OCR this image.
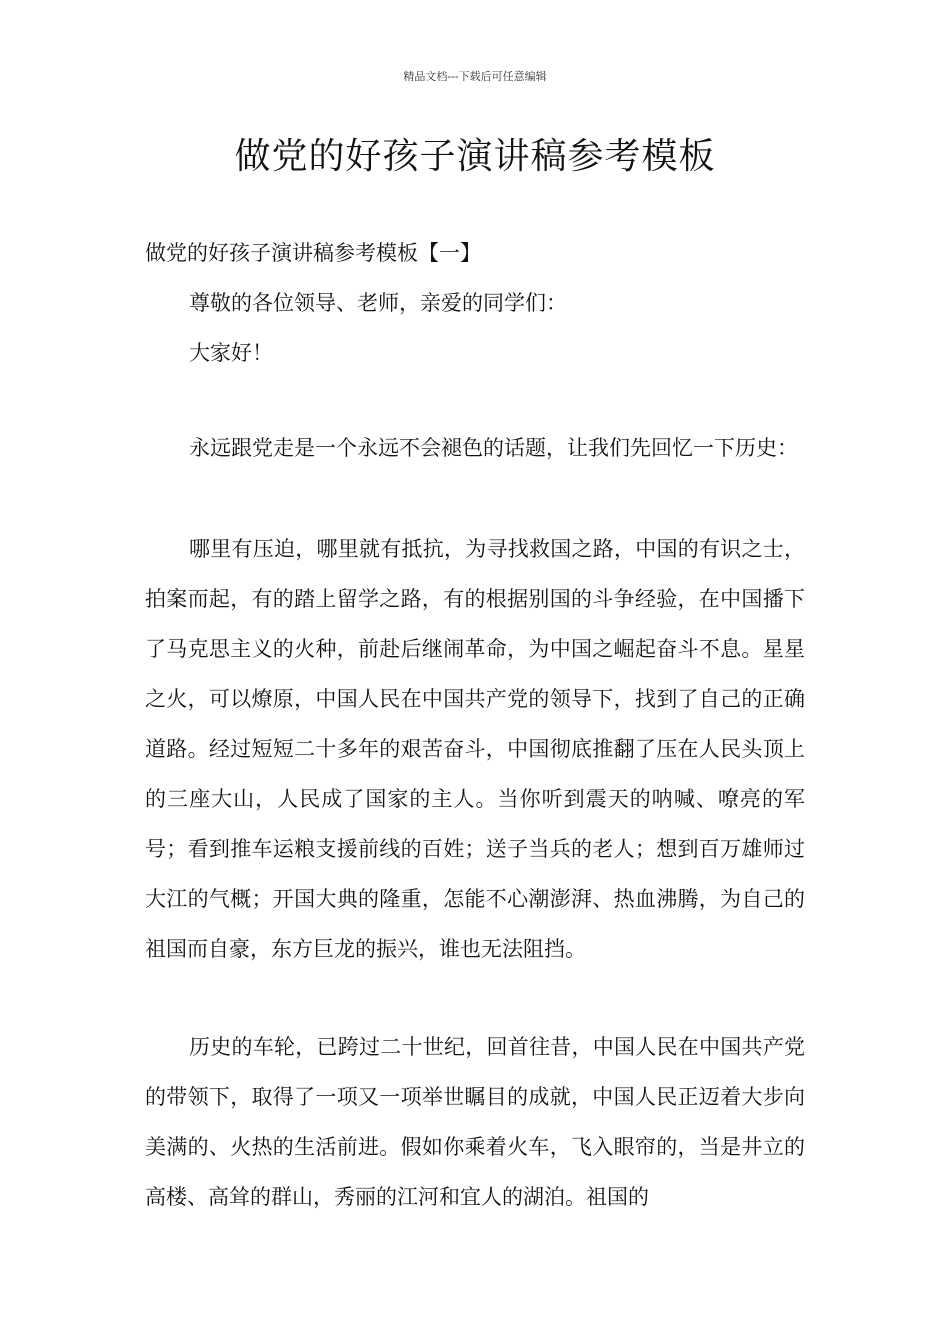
精品文档---下载后可任意编辑
做党的好孩子演讲稿参考模板
做党的好孩子演讲稿参考模板【一】
尊敬的各位领导、老师，亲爱的同学们：
大家好！

永远跟党走是一个永远不会褪色的话题，让我们先回忆一下历史：

哪里有压迫，哪里就有抵抗，为寻找救国之路，中国的有识之士，拍案而起，有的踏上留学之路，有的根据别国的斗争经验，在中国播下了马克思主义的火种，前赴后继闹革命，为中国之崛起奋斗不息。星星之火，可以燎原，中国人民在中国共产党的领导下，找到了自己的正确道路。经过短短二十多年的艰苦奋斗，中国彻底推翻了压在人民头顶上的三座大山，人民成了国家的主人。当你听到震天的呐喊、嘹亮的军号；看到推车运粮支援前线的百姓；送子当兵的老人；想到百万雄师过大江的气概；开国大典的隆重，怎能不心潮澎湃、热血沸腾，为自己的祖国而自豪，东方巨龙的振兴，谁也无法阻挡。

历史的车轮，已跨过二十世纪，回首往昔，中国人民在中国共产党的带领下，取得了一项又一项举世瞩目的成就，中国人民正迈着大步向美满的、火热的生活前进。假如你乘着火车，飞入眼帘的，当是井立的高楼、高耸的群山，秀丽的江河和宜人的湖泊。祖国的
